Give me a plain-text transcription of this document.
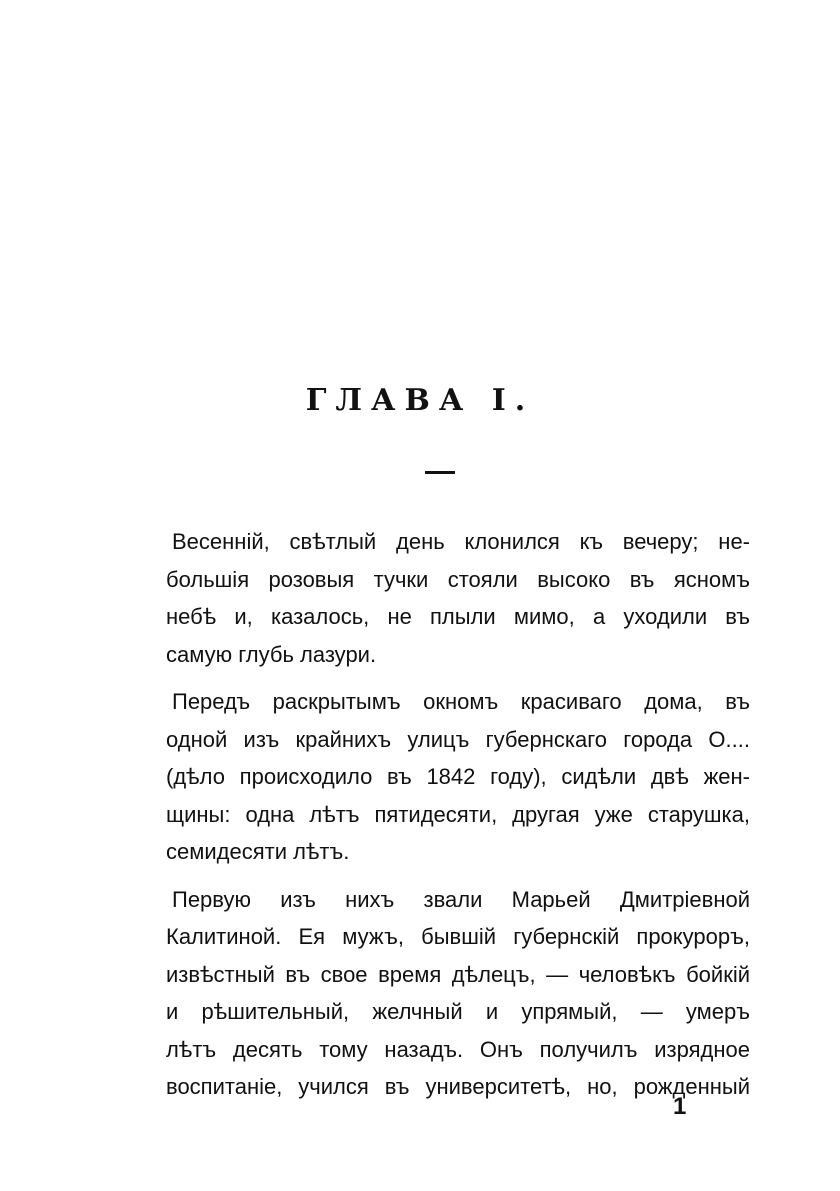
ГЛАВА I.

Весенній, свѣтлый день клонился къ вечеру; не-
большія розовыя тучки стояли высоко въ ясномъ
небѣ и, казалось, не плыли мимо, а уходили въ
самую глубь лазури.

Передъ раскрытымъ окномъ красиваго дома, въ
одной изъ крайнихъ улицъ губернскаго города О....
(дѣло происходило въ 1842 году), сидѣли двѣ жен-
щины: одна лѣтъ пятидесяти, другая уже старушка,
семидесяти лѣтъ.

Первую изъ нихъ звали Марьей Дмитріевной
Калитиной. Ея мужъ, бывшій губернскій прокуроръ,
извѣстный въ свое время дѣлецъ, — человѣкъ бойкій
и рѣшительный, желчный и упрямый, — умеръ
лѣтъ десять тому назадъ. Онъ получилъ изрядное
воспитаніе, учился въ университетѣ, но, рожденный

1
